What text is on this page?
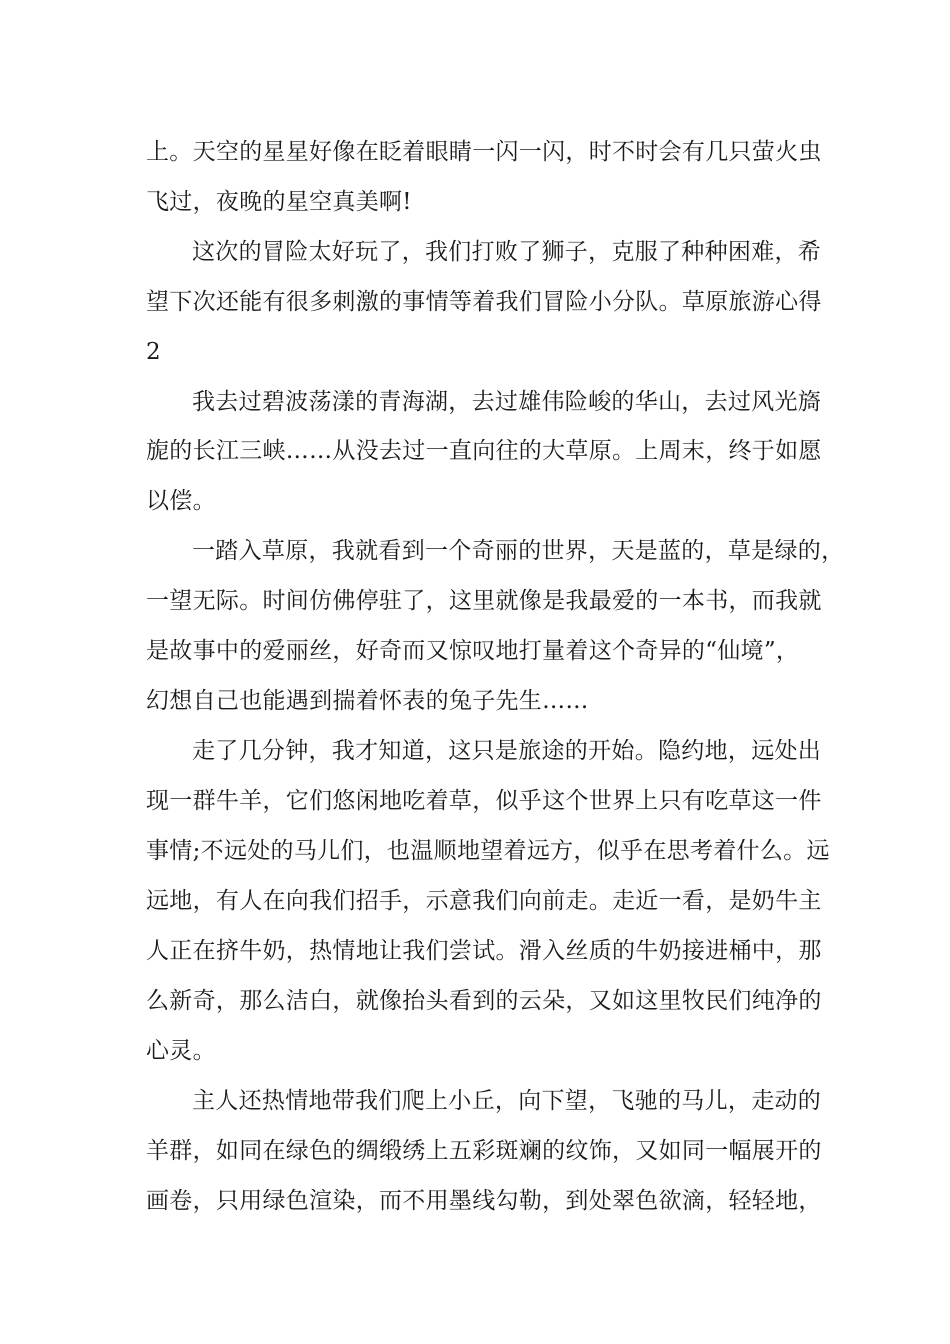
上。天空的星星好像在眨着眼睛一闪一闪，时不时会有几只萤火虫

飞过，夜晚的星空真美啊!

这次的冒险太好玩了，我们打败了狮子，克服了种种困难，希

望下次还能有很多刺激的事情等着我们冒险小分队。草原旅游心得

2

我去过碧波荡漾的青海湖，去过雄伟险峻的华山，去过风光旖

旎的长江三峡……从没去过一直向往的大草原。上周末，终于如愿

以偿。

一踏入草原，我就看到一个奇丽的世界，天是蓝的，草是绿的，

一望无际。时间仿佛停驻了，这里就像是我最爱的一本书，而我就

是故事中的爱丽丝，好奇而又惊叹地打量着这个奇异的“仙境”，

幻想自己也能遇到揣着怀表的兔子先生……

走了几分钟，我才知道，这只是旅途的开始。隐约地，远处出

现一群牛羊，它们悠闲地吃着草，似乎这个世界上只有吃草这一件

事情;不远处的马儿们，也温顺地望着远方，似乎在思考着什么。远

远地，有人在向我们招手，示意我们向前走。走近一看，是奶牛主

人正在挤牛奶，热情地让我们尝试。滑入丝质的牛奶接进桶中，那

么新奇，那么洁白，就像抬头看到的云朵，又如这里牧民们纯净的

心灵。

主人还热情地带我们爬上小丘，向下望，飞驰的马儿，走动的

羊群，如同在绿色的绸缎绣上五彩斑斓的纹饰，又如同一幅展开的

画卷，只用绿色渲染，而不用墨线勾勒，到处翠色欲滴，轻轻地，
